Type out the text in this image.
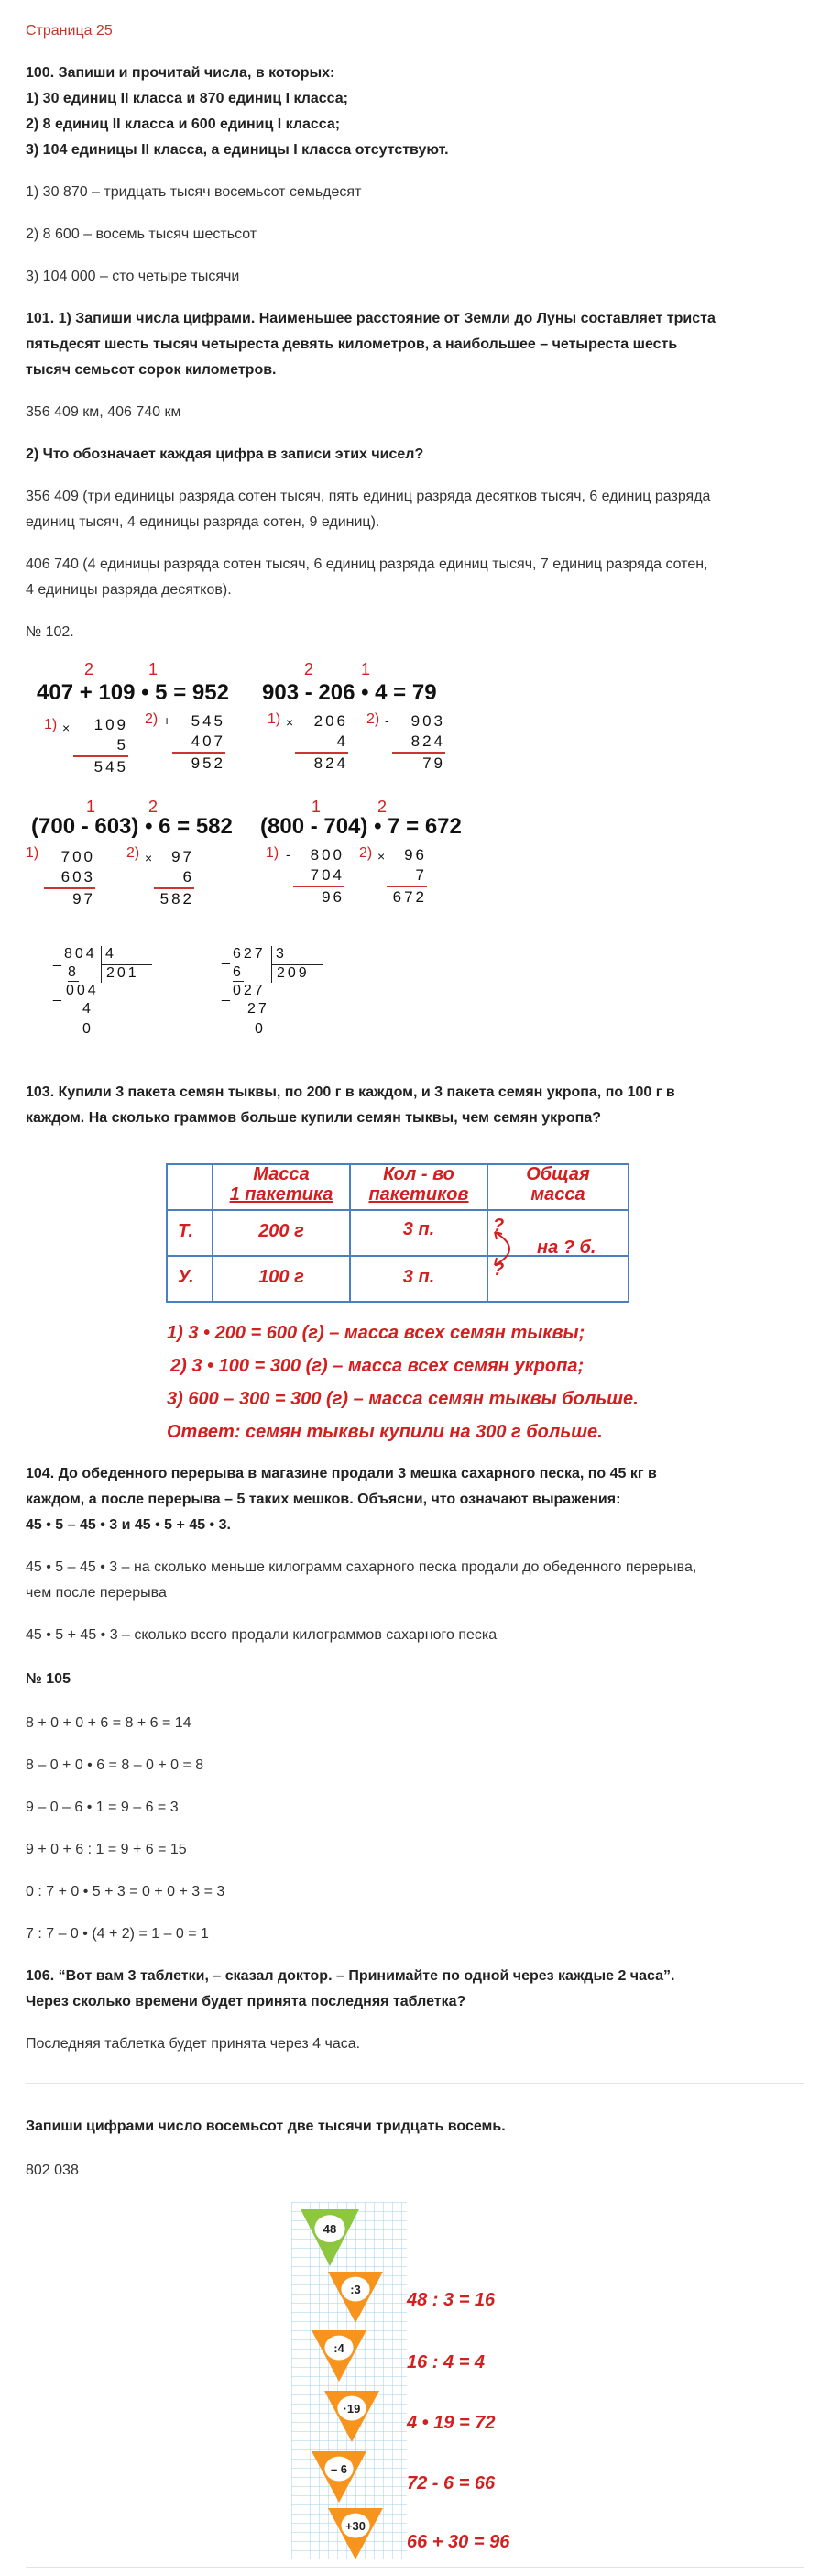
Страница 25
100. Запиши и прочитай числа, в которых:
1) 30 единиц II класса и 870 единиц I класса;
2) 8 единиц II класса и 600 единиц I класса;
3) 104 единицы II класса, а единицы I класса отсутствуют.
1) 30 870 – тридцать тысяч восемьсот семьдесят
2) 8 600 – восемь тысяч шестьсот
3) 104 000 – сто четыре тысячи
101. 1) Запиши числа цифрами. Наименьшее расстояние от Земли до Луны составляет триста
пятьдесят шесть тысяч четыреста девять километров, а наибольшее – четыреста шесть
тысяч семьсот сорок километров.
356 409 км, 406 740 км
2) Что обозначает каждая цифра в записи этих чисел?
356 409 (три единицы разряда сотен тысяч, пять единиц разряда десятков тысяч, 6 единиц разряда
единиц тысяч, 4 единицы разряда сотен, 9 единиц).
406 740 (4 единицы разряда сотен тысяч, 6 единиц разряда единиц тысяч, 7 единиц разряда сотен,
4 единицы разряда десятков).
№ 102.
2	1	2	1
407 + 109 • 5 = 952 903 - 206 • 4 = 79
1) ×	109
5
545
2) +	545
407
952
1) ×	206
4
824
2) -	903
824
79
1	2	1	2
(700 - 603) • 6 = 582 (800 - 704) • 7 = 672
1)	700
603
97
2) ×	97
6
582
1) -	800
704
96
2) ×	96
7
672
_ 804 4
201
8
_ 004
4
0
_ 627 3
209
6
_ 027
27
0
103. Купили 3 пакета семян тыквы, по 200 г в каждом, и 3 пакета семян укропа, по 100 г в
каждом. На сколько граммов больше купили семян тыквы, чем семян укропа?
Масса
1 пакетика
Кол - во
пакетиков
Общая
масса
Т.	200 г	3 п.	?
У.	100 г	3 п.	?
на ? б.
1) 3 • 200 = 600 (г) – масса всех семян тыквы;
2) 3 • 100 = 300 (г) – масса всех семян укропа;
3) 600 – 300 = 300 (г) – масса семян тыквы больше.
Ответ: семян тыквы купили на 300 г больше.
104. До обеденного перерыва в магазине продали 3 мешка сахарного песка, по 45 кг в
каждом, а после перерыва – 5 таких мешков. Объясни, что означают выражения:
45 • 5 – 45 • 3 и 45 • 5 + 45 • 3.
45 • 5 – 45 • 3 – на сколько меньше килограмм сахарного песка продали до обеденного перерыва,
чем после перерыва
45 • 5 + 45 • 3 – сколько всего продали килограммов сахарного песка
№ 105
8 + 0 + 0 + 6 = 8 + 6 = 14
8 – 0 + 0 • 6 = 8 – 0 + 0 = 8
9 – 0 – 6 • 1 = 9 – 6 = 3
9 + 0 + 6 : 1 = 9 + 6 = 15
0 : 7 + 0 • 5 + 3 = 0 + 0 + 3 = 3
7 : 7 – 0 • (4 + 2) = 1 – 0 = 1
106. “Вот вам 3 таблетки, – сказал доктор. – Принимайте по одной через каждые 2 часа”.
Через сколько времени будет принята последняя таблетка?
Последняя таблетка будет принята через 4 часа.
Запиши цифрами число восемьсот две тысячи тридцать восемь.
802 038
48
:3
:4
·19
– 6
+30
48 : 3 = 16
16 : 4 = 4
4 • 19 = 72
72 - 6 = 66
66 + 30 = 96
